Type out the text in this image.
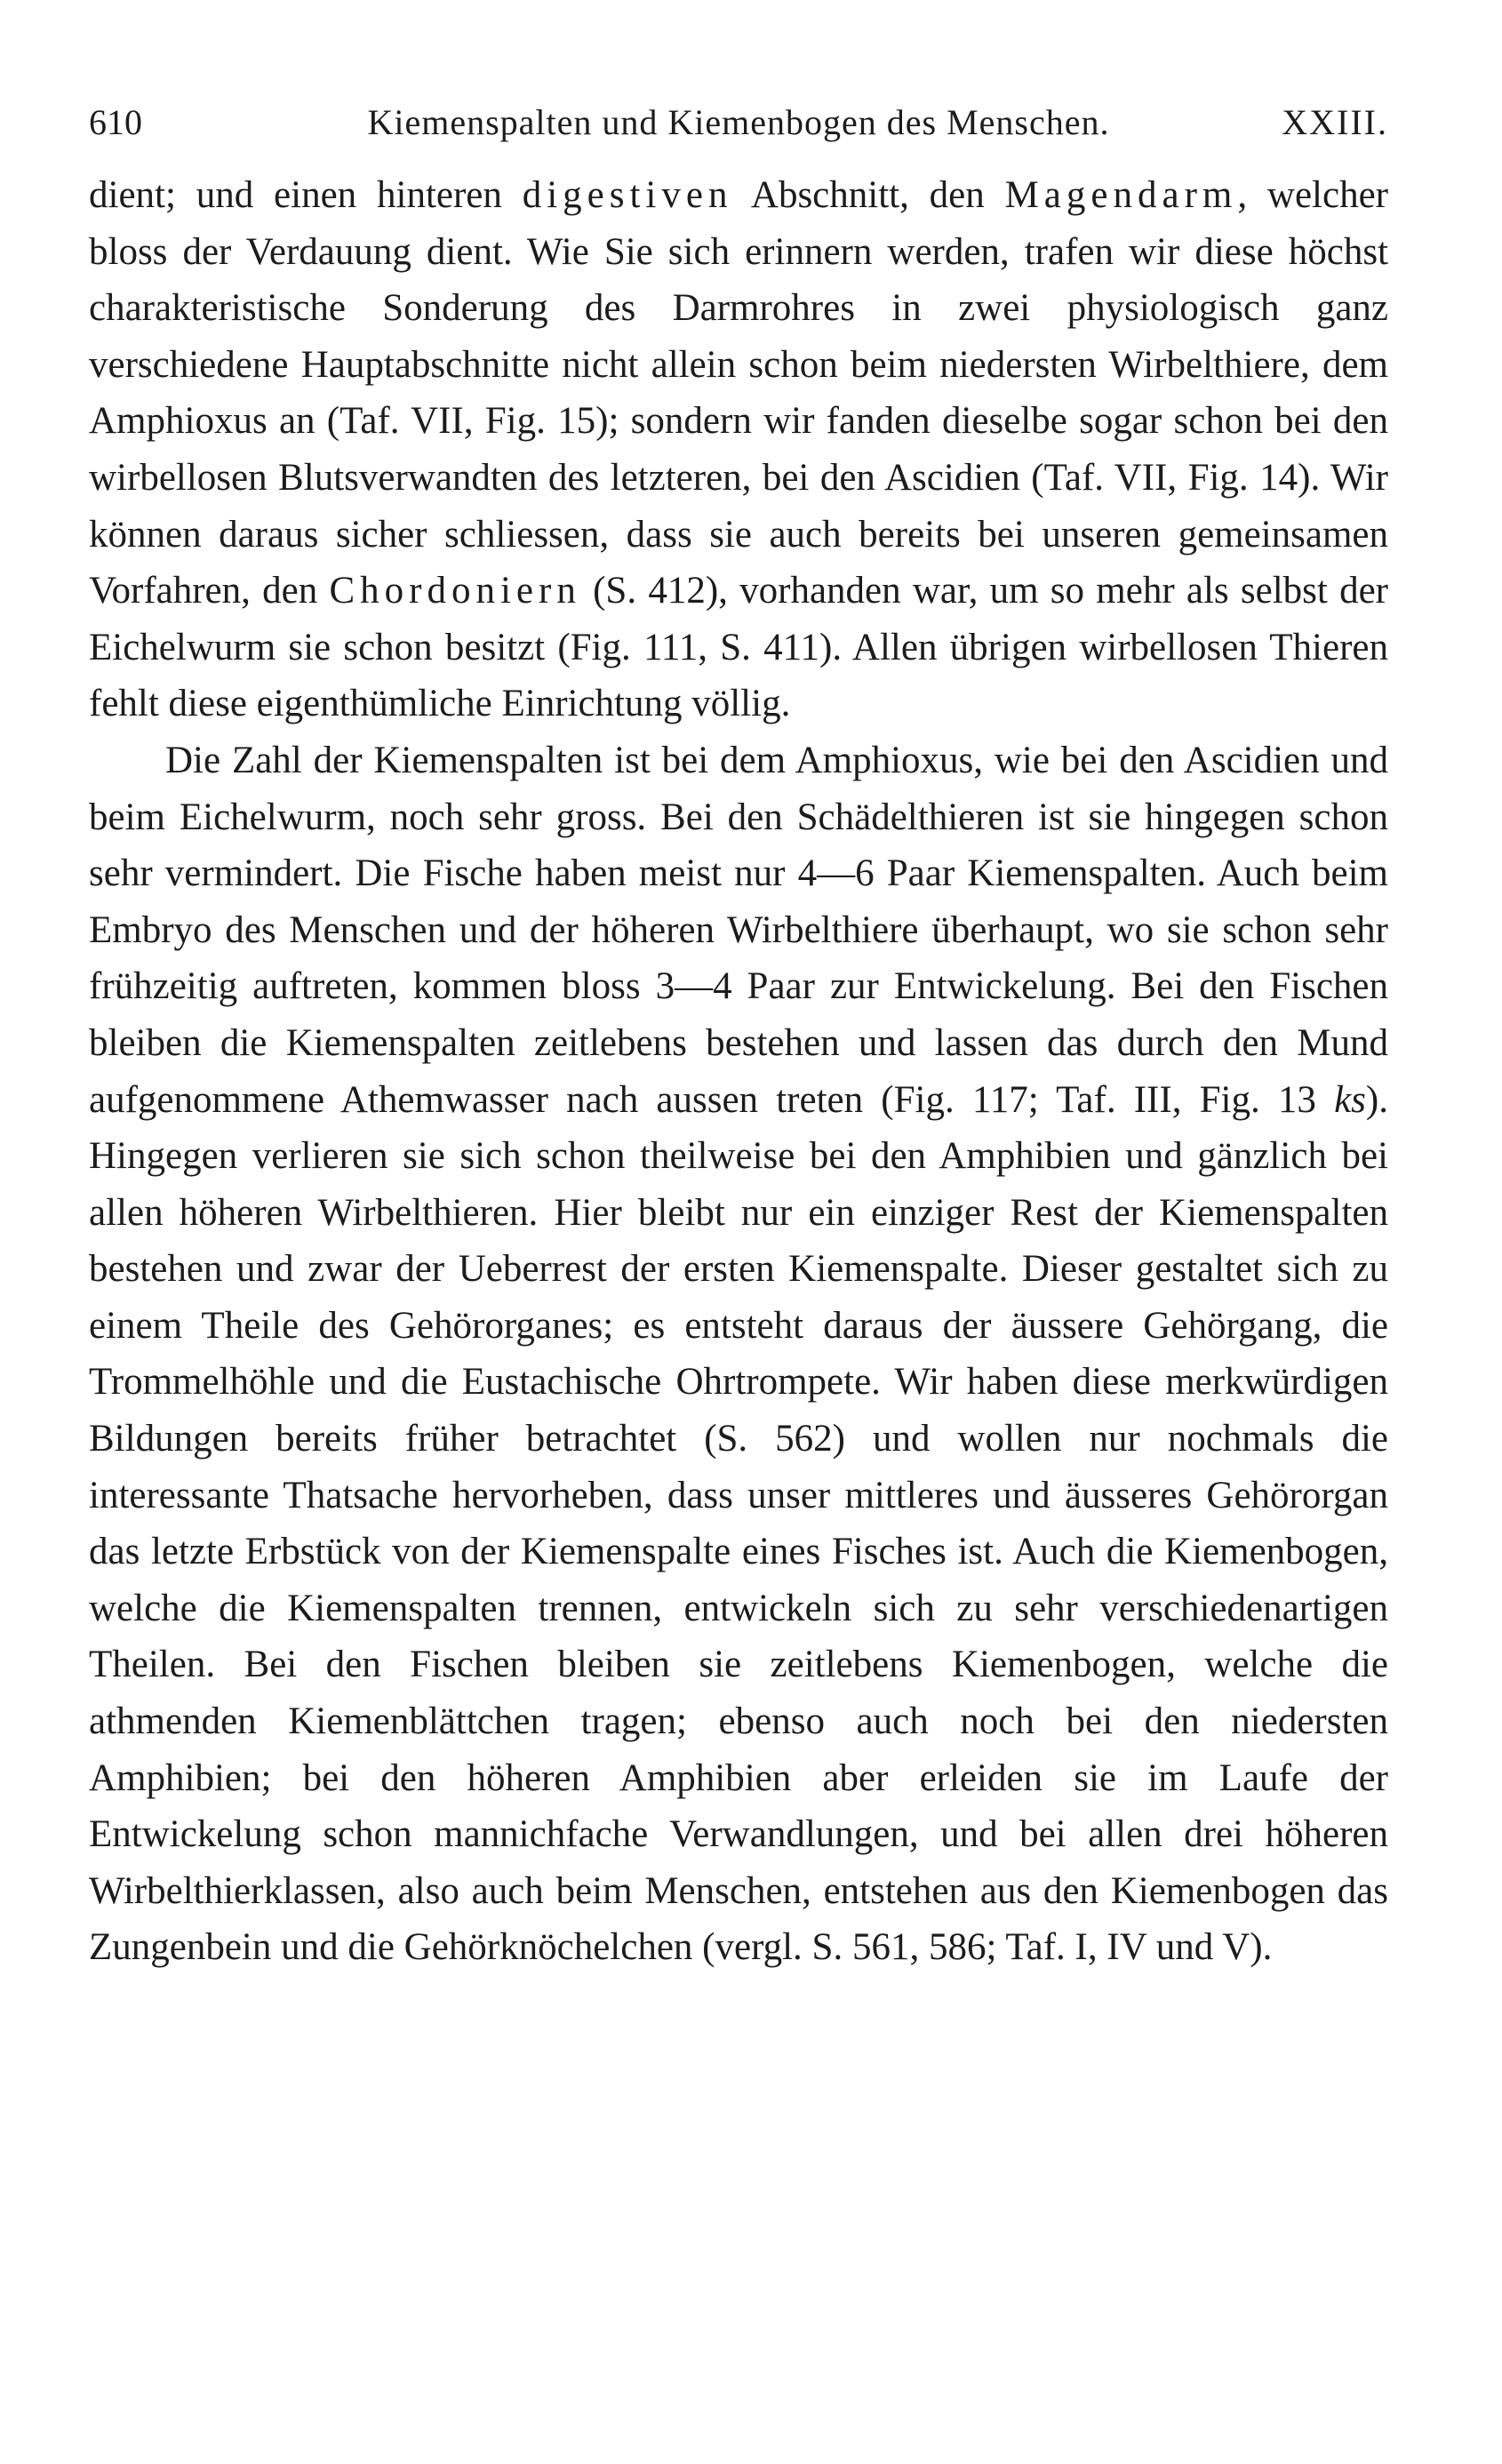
610	Kiemenspalten und Kiemenbogen des Menschen.	XXIII.

dient; und einen hinteren digestiven Abschnitt, den Magendarm, welcher bloss der Verdauung dient. Wie Sie sich erinnern werden, trafen wir diese höchst charakteristische Sonderung des Darmrohres in zwei physiologisch ganz verschiedene Hauptabschnitte nicht allein schon beim niedersten Wirbelthiere, dem Amphioxus an (Taf. VII, Fig. 15); sondern wir fanden dieselbe sogar schon bei den wirbellosen Blutsverwandten des letzteren, bei den Ascidien (Taf. VII, Fig. 14). Wir können daraus sicher schliessen, dass sie auch bereits bei unseren gemeinsamen Vorfahren, den Chordoniern (S. 412), vorhanden war, um so mehr als selbst der Eichelwurm sie schon besitzt (Fig. 111, S. 411). Allen übrigen wirbellosen Thieren fehlt diese eigenthümliche Einrichtung völlig.

Die Zahl der Kiemenspalten ist bei dem Amphioxus, wie bei den Ascidien und beim Eichelwurm, noch sehr gross. Bei den Schädelthieren ist sie hingegen schon sehr vermindert. Die Fische haben meist nur 4—6 Paar Kiemenspalten. Auch beim Embryo des Menschen und der höheren Wirbelthiere überhaupt, wo sie schon sehr frühzeitig auftreten, kommen bloss 3—4 Paar zur Entwickelung. Bei den Fischen bleiben die Kiemenspalten zeitlebens bestehen und lassen das durch den Mund aufgenommene Athemwasser nach aussen treten (Fig. 117; Taf. III, Fig. 13 ks). Hingegen verlieren sie sich schon theilweise bei den Amphibien und gänzlich bei allen höheren Wirbelthieren. Hier bleibt nur ein einziger Rest der Kiemenspalten bestehen und zwar der Ueberrest der ersten Kiemenspalte. Dieser gestaltet sich zu einem Theile des Gehörorganes; es entsteht daraus der äussere Gehörgang, die Trommelhöhle und die Eustachische Ohrtrompete. Wir haben diese merkwürdigen Bildungen bereits früher betrachtet (S. 562) und wollen nur nochmals die interessante Thatsache hervorheben, dass unser mittleres und äusseres Gehörorgan das letzte Erbstück von der Kiemenspalte eines Fisches ist. Auch die Kiemenbogen, welche die Kiemenspalten trennen, entwickeln sich zu sehr verschiedenartigen Theilen. Bei den Fischen bleiben sie zeitlebens Kiemenbogen, welche die athmenden Kiemenblättchen tragen; ebenso auch noch bei den niedersten Amphibien; bei den höheren Amphibien aber erleiden sie im Laufe der Entwickelung schon mannichfache Verwandlungen, und bei allen drei höheren Wirbelthierklassen, also auch beim Menschen, entstehen aus den Kiemenbogen das Zungenbein und die Gehörknöchelchen (vergl. S. 561, 586; Taf. I, IV und V).
